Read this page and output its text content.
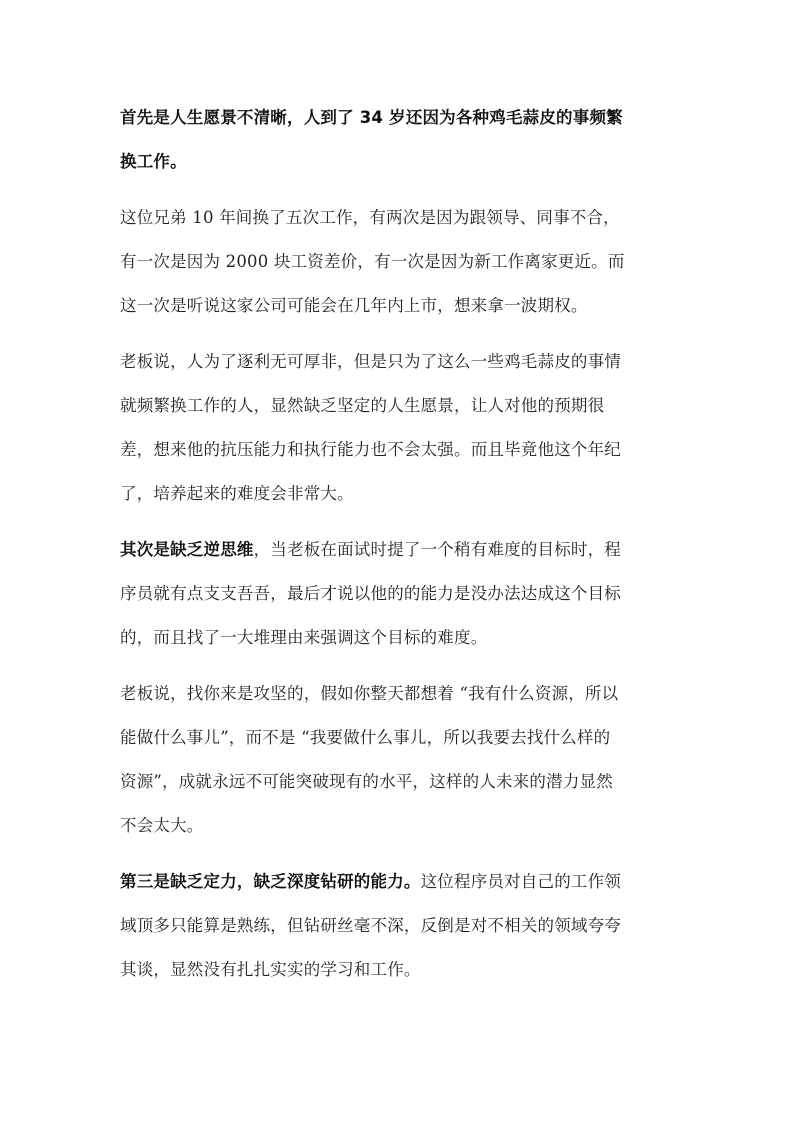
首先是人生愿景不清晰，人到了 34 岁还因为各种鸡毛蒜皮的事频繁
换工作。

这位兄弟 10 年间换了五次工作，有两次是因为跟领导、同事不合，
有一次是因为 2000 块工资差价，有一次是因为新工作离家更近。而
这一次是听说这家公司可能会在几年内上市，想来拿一波期权。

老板说，人为了逐利无可厚非，但是只为了这么一些鸡毛蒜皮的事情
就频繁换工作的人，显然缺乏坚定的人生愿景，让人对他的预期很
差，想来他的抗压能力和执行能力也不会太强。而且毕竟他这个年纪
了，培养起来的难度会非常大。

其次是缺乏逆思维，当老板在面试时提了一个稍有难度的目标时，程
序员就有点支支吾吾，最后才说以他的的能力是没办法达成这个目标
的，而且找了一大堆理由来强调这个目标的难度。

老板说，找你来是攻坚的，假如你整天都想着 “我有什么资源，所以
能做什么事儿”，而不是 “我要做什么事儿，所以我要去找什么样的
资源”，成就永远不可能突破现有的水平，这样的人未来的潜力显然
不会太大。

第三是缺乏定力，缺乏深度钻研的能力。这位程序员对自己的工作领
域顶多只能算是熟练，但钻研丝毫不深，反倒是对不相关的领域夸夸
其谈，显然没有扎扎实实的学习和工作。
